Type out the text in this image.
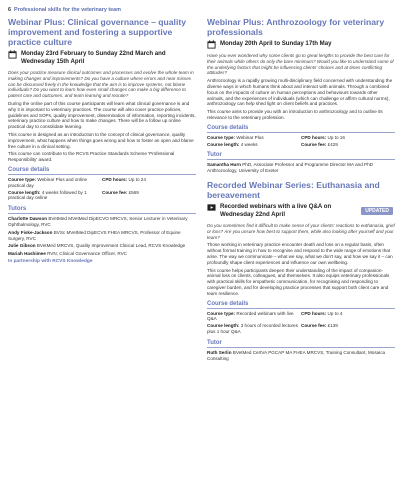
6 Professional skills for the veterinary team
Webinar Plus: Clinical governance – quality improvement and fostering a supportive practice culture
Monday 23rd February to Sunday 22nd March and Wednesday 15th April

Does your practice measure clinical outcomes and processes and evolve the whole team in making changes and improvements? Do you have a culture where errors and near misses can be discussed freely in the knowledge that the aim is to improve systems, not blame individuals? Do you want to learn how even small changes can make a big difference to patient care and outcomes, and team learning and morale?

During the online part of this course participants will learn what clinical governance is and why it is important to veterinary practices. The course will also cover practice policies, guidelines and SOPs, quality improvement, dissemination of information, reporting incidents, veterinary practice culture and how to make changes. There will be a follow up online practical day to consolidate learning.

This course is designed as an introduction to the concept of clinical governance, quality improvement, what happens when things goes wrong and how to foster an open and blame free culture in a clinical setting.

This course can contribute to the RCVS Practice Standards Scheme 'Professional Responsibility' award.

Course details
Course type: Webinar Plus and online practical day
CPD hours: Up to 24
Course length: 4 weeks followed by 1 practical day online
Course fee: £569
Tutors

Charlotte Dawson BVetMed MVetMed DipECVO MRCVS, Senior Lecturer in Veterinary Ophthalmology, RVC

Andy Fiske-Jackson BVSc MVetMed DipECVS FHEA MRCVS, Professor of Equine Surgery, RVC

Julie Gibson BVetMed MRCVS, Quality Improvement Clinical Lead, RCVS Knowledge

Mariah Hashimee RVN, Clinical Governance Officer, RVC

In partnership with RCVS Knowledge
Webinar Plus: Anthrozoology for veterinary professionals
Monday 20th April to Sunday 17th May

Have you ever wondered why some clients go to great lengths to provide the best care for their animals while others do only the bare minimum? Would you like to understand some of the underlying factors that might be influencing clients' choices and at times conflicting attitudes?

Anthrozoology is a rapidly growing multi-disciplinary field concerned with understanding the diverse ways in which humans think about and interact with animals. Through a combined focus on the impacts of culture on human perceptions and behaviours towards other animals, and the experiences of individuals (which can challenge or affirm cultural norms), anthrozoology can help shed light on client beliefs and practices.

This course aims to provide you with an introduction to anthrozoology and to outline its relevance to the veterinary profession.

Course details
Course type: Webinar Plus	CPD hours: Up to 16
Course length: 4 weeks	Course fee: £429
Tutor

Samantha Hurn PhD, Associate Professor and Programme Director MA and PhD Anthrozoology, University of Exeter

Recorded Webinar Series: Euthanasia and bereavement
Recorded webinars with a live Q&A on Wednesday 22nd April	UPDATED

Do you sometimes find it difficult to make sense of your clients' reactions to euthanasia, grief or loss? Are you unsure how best to support them, while also looking after yourself and your team?

Those working in veterinary practice encounter death and loss on a regular basis, often without formal training in how to recognise and respond to the wide range of emotions that arise. The way we communicate – what we say, what we don't say, and how we say it – can profoundly shape client experiences and influence our own wellbeing.

This course helps participants deepen their understanding of the impact of companion-animal loss on clients, colleagues, and themselves. It also equips veterinary professionals with practical skills for empathetic communication, for recognising and responding to caregiver burden, and for developing practice processes that support both client care and team resilience.

Course details
Course type: Recorded webinars with live Q&A
CPD hours: Up to 4
Course length: 3 hours of recorded lectures plus 1 hour Q&A
Course fee: £139
Tutor

Ruth Serlin BVetMed CertVA PGCAP MA FHEA MRCVS, Training Consultant, Mosaica Consulting
